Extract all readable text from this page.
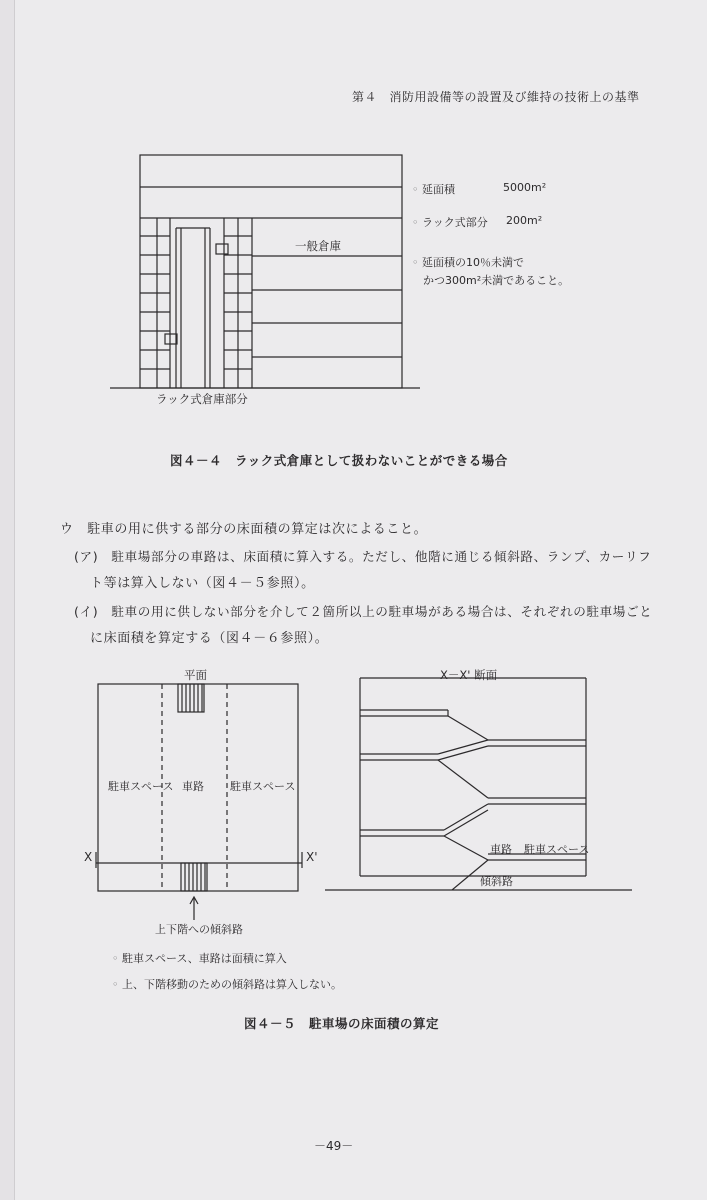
第４　消防用設備等の設置及び維持の技術上の基準
◦ 延面積	5000m²
◦ ラック式部分 200m²
◦ 延面積の10％未満で
かつ300m²未満であること。
一般倉庫
ラック式倉庫部分
図４－４　ラック式倉庫として扱わないことができる場合
ウ　駐車の用に供する部分の床面積の算定は次によること。
(ア)　駐車場部分の車路は、床面積に算入する。ただし、他階に通じる傾斜路、ランプ、カーリフ
ト等は算入しない（図４－５参照）。
(イ)　駐車の用に供しない部分を介して２箇所以上の駐車場がある場合は、それぞれの駐車場ごと
に床面積を算定する（図４－６参照）。
平面
駐車スペース 車路 駐車スペース
X	X'
上下階への傾斜路
X－X' 断面
車路 駐車スペース
傾斜路
◦ 駐車スペース、車路は面積に算入
◦ 上、下階移動のための傾斜路は算入しない。
図４－５　駐車場の床面積の算定
－49－
